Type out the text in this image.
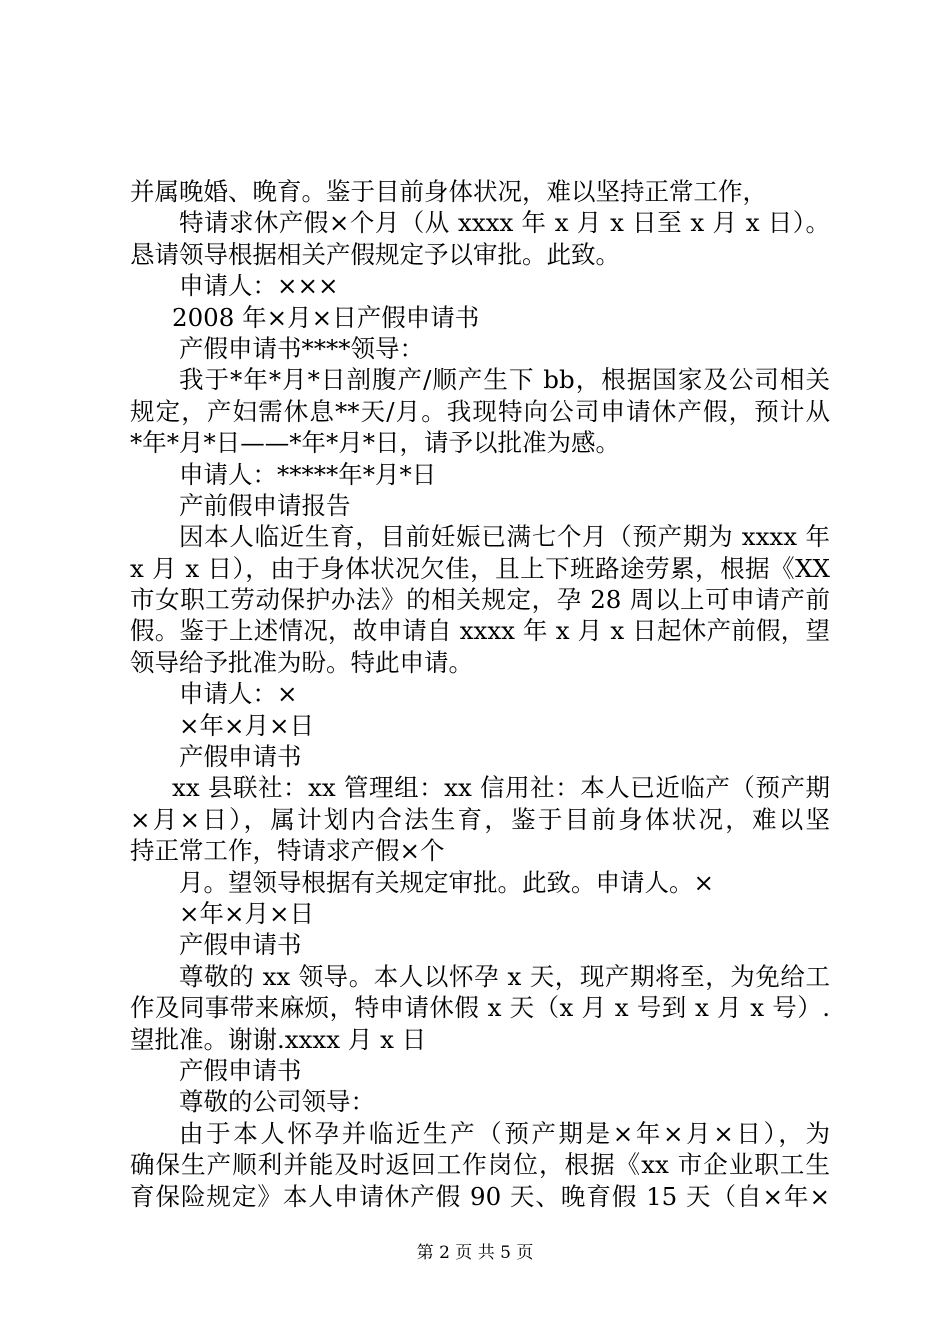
并属晚婚、晚育。鉴于目前身体状况，难以坚持正常工作，
特请求休产假×个月（从 xxxx 年 x 月 x 日至 x 月 x 日）。
恳请领导根据相关产假规定予以审批。此致。
申请人：×××
2008 年×月×日产假申请书
产假申请书****领导：
我于*年*月*日剖腹产/顺产生下 bb，根据国家及公司相关
规定，产妇需休息**天/月。我现特向公司申请休产假，预计从
*年*月*日——*年*月*日，请予以批准为感。
申请人：*****年*月*日
产前假申请报告
因本人临近生育，目前妊娠已满七个月（预产期为 xxxx 年
x 月 x 日），由于身体状况欠佳，且上下班路途劳累，根据《XX
市女职工劳动保护办法》的相关规定，孕 28 周以上可申请产前
假。鉴于上述情况，故申请自 xxxx 年 x 月 x 日起休产前假，望
领导给予批准为盼。特此申请。
申请人：×
×年×月×日
产假申请书
xx 县联社：xx 管理组：xx 信用社：本人已近临产（预产期
×月×日），属计划内合法生育，鉴于目前身体状况，难以坚
持正常工作，特请求产假×个
月。望领导根据有关规定审批。此致。申请人。×
×年×月×日
产假申请书
尊敬的 xx 领导。本人以怀孕 x 天，现产期将至，为免给工
作及同事带来麻烦，特申请休假 x 天（x 月 x 号到 x 月 x 号）.
望批准。谢谢.xxxx 月 x 日
产假申请书
尊敬的公司领导：
由于本人怀孕并临近生产（预产期是×年×月×日），为
确保生产顺利并能及时返回工作岗位，根据《xx 市企业职工生
育保险规定》本人申请休产假 90 天、晚育假 15 天（自×年×
第 2 页 共 5 页
